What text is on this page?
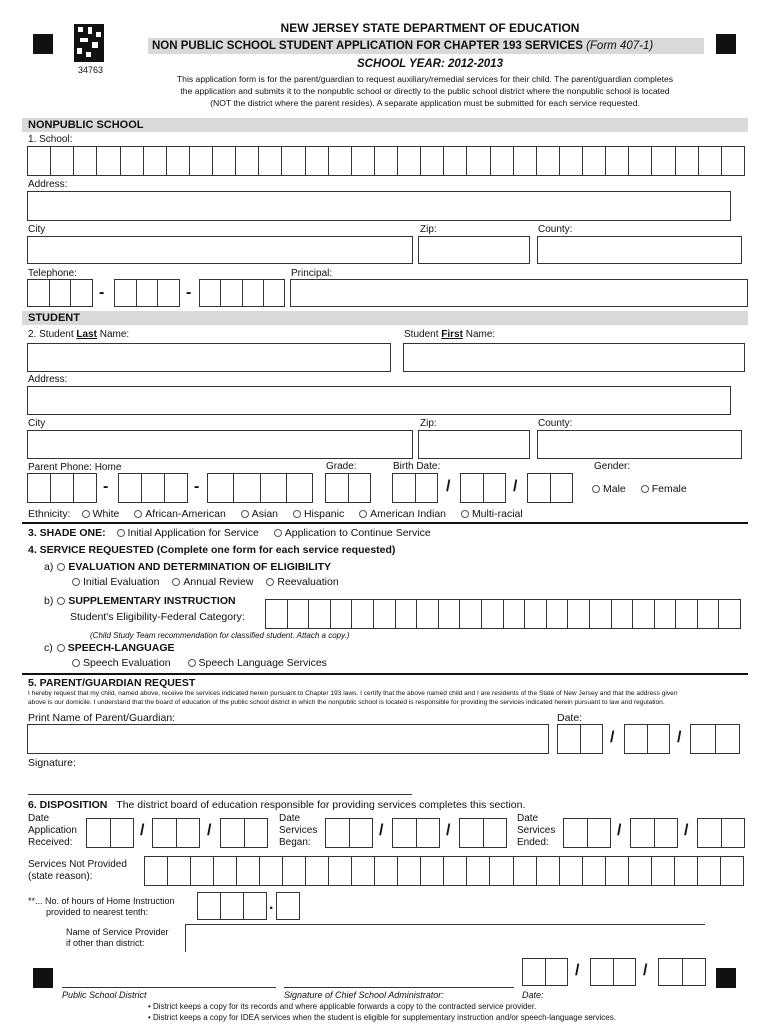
34763
NEW JERSEY STATE DEPARTMENT OF EDUCATION
NON PUBLIC SCHOOL STUDENT APPLICATION FOR CHAPTER 193 SERVICES (Form 407-1)
SCHOOL YEAR: 2012-2013
This application form is for the parent/guardian to request auxiliary/remedial services for their child. The parent/guardian completes
the application and submits it to the nonpublic school or directly to the public school district where the nonpublic school is located
(NOT the district where the parent resides). A separate application must be submitted for each service requested.
NONPUBLIC SCHOOL
1. School:
Address:
City	Zip:	County:
Telephone:	Principal:
-	-
STUDENT
2. Student Last Name:	Student First Name:
Address:
City	Zip:	County:
Parent Phone: Home	Grade:	Birth Date:	Gender:
-	-	/	/	Male Female
Ethnicity: White African-American Asian Hispanic American Indian Multi-racial
3. SHADE ONE: Initial Application for Service Application to Continue Service
4. SERVICE REQUESTED (Complete one form for each service requested)
a) EVALUATION AND DETERMINATION OF ELIGIBILITY
Initial Evaluation Annual Review Reevaluation
b) SUPPLEMENTARY INSTRUCTION
Student's Eligibility-Federal Category:
(Child Study Team recommendation for classified student. Attach a copy.)
c) SPEECH-LANGUAGE
Speech Evaluation	Speech Language Services
5. PARENT/GUARDIAN REQUEST
I hereby request that my child, named above, receive the services indicated herein pursuant to Chapter 193 laws. I certify that the above named child and I are residents of the State of New Jersey and that the address given
above is our domicile. I understand that the board of education of the public school district in which the nonpublic school is located is responsible for providing the services indicated herein pursuant to law and regulation.
Print Name of Parent/Guardian:	Date:
/	/
Signature:
6. DISPOSITION The district board of education responsible for providing services completes this section.
Date
Application
Received:
/	/
Date
Services
Began:
/	/
Date
Services
Ended:
/	/
Services Not Provided
(state reason):
**... No. of hours of Home Instruction
provided to nearest tenth:	.
Name of Service Provider
if other than district:
/	/
Public School District	Signature of Chief School Administrator:	Date:
• District keeps a copy for its records and where applicable forwards a copy to the contracted service provider.
• District keeps a copy for IDEA services when the student is eligible for supplementary instruction and/or speech-language services.
